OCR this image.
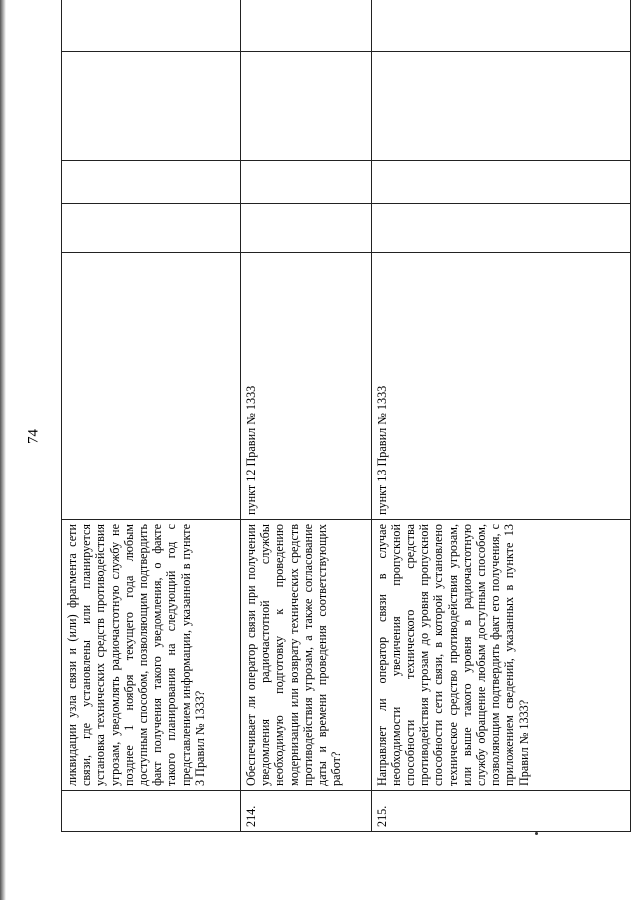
74
	ликвидации узла связи и (или) фрагмента сети связи, где установлены или планируется установка технических средств противодействия угрозам, уведомлять радиочастотную службу не позднее 1 ноября текущего года любым доступным способом, позволяющим подтвердить факт получения такого уведомления, о факте такого планирования на следующий год с представлением информации, указанной в пункте 3 Правил № 1333?					
214.	Обеспечивает ли оператор связи при получении уведомления радиочастотной службы необходимую подготовку к проведению модернизации или возврату технических средств противодействия угрозам, а также согласование даты и времени проведения соответствующих работ?	пункт 12 Правил № 1333				
215.	Направляет ли оператор связи в случае необходимости увеличения пропускной способности технического средства противодействия угрозам до уровня пропускной способности сети связи, в которой установлено техническое средство противодействия угрозам, или выше такого уровня в радиочастотную службу обращение любым доступным способом, позволяющим подтвердить факт его получения, с приложением сведений, указанных в пункте 13 Правил № 1333?	пункт 13 Правил № 1333				
